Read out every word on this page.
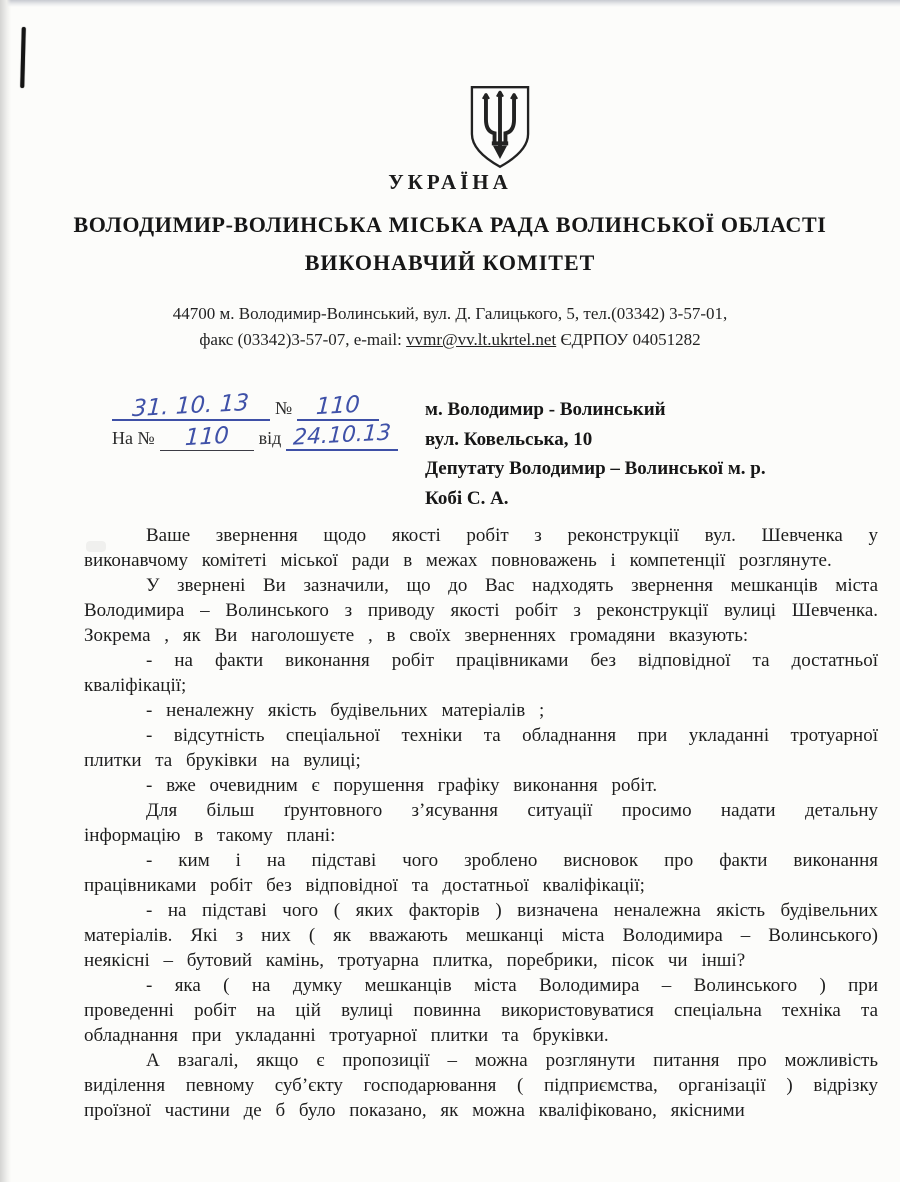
УКРАЇНА
ВОЛОДИМИР-ВОЛИНСЬКА МІСЬКА РАДА ВОЛИНСЬКОЇ ОБЛАСТІ
ВИКОНАВЧИЙ КОМІТЕТ
44700 м. Володимир-Волинський, вул. Д. Галицького, 5, тел.(03342) 3-57-01,
факс (03342)3-57-07, e-mail: vvmr@vv.lt.ukrtel.net ЄДРПОУ 04051282
31. 10. 13	№	110
На №	110	від 24.10.13
м. Володимир - Волинський
вул. Ковельська, 10
Депутату Володимир – Волинської м. р.
Кобі С. А.

Ваше звернення щодо якості робіт з реконструкції вул. Шевченка у виконавчому комітеті міської ради в межах повноважень і компетенції розглянуте.

У звернені Ви зазначили, що до Вас надходять звернення мешканців міста Володимира – Волинського з приводу якості робіт з реконструкції вулиці Шевченка. Зокрема , як Ви наголошуєте , в своїх зверненнях громадяни вказують:

- на факти виконання робіт працівниками без відповідної та достатньої кваліфікації;

- неналежну якість будівельних матеріалів ;

- відсутність спеціальної техніки та обладнання при укладанні тротуарної плитки та бруківки на вулиці;

- вже очевидним є порушення графіку виконання робіт.

Для більш ґрунтовного з’ясування ситуації просимо надати детальну інформацію в такому плані:

- ким і на підставі чого зроблено висновок про факти виконання працівниками робіт без відповідної та достатньої кваліфікації;

- на підставі чого ( яких факторів ) визначена неналежна якість будівельних матеріалів. Які з них ( як вважають мешканці міста Володимира – Волинського) неякісні – бутовий камінь, тротуарна плитка, поребрики, пісок чи інші?

- яка ( на думку мешканців міста Володимира – Волинського ) при проведенні робіт на цій вулиці повинна використовуватися спеціальна техніка та обладнання при укладанні тротуарної плитки та бруківки.

А взагалі, якщо є пропозиції – можна розглянути питання про можливість виділення певному суб’єкту господарювання ( підприємства, організації ) відрізку проїзної частини де б було показано, як можна кваліфіковано, якісними
